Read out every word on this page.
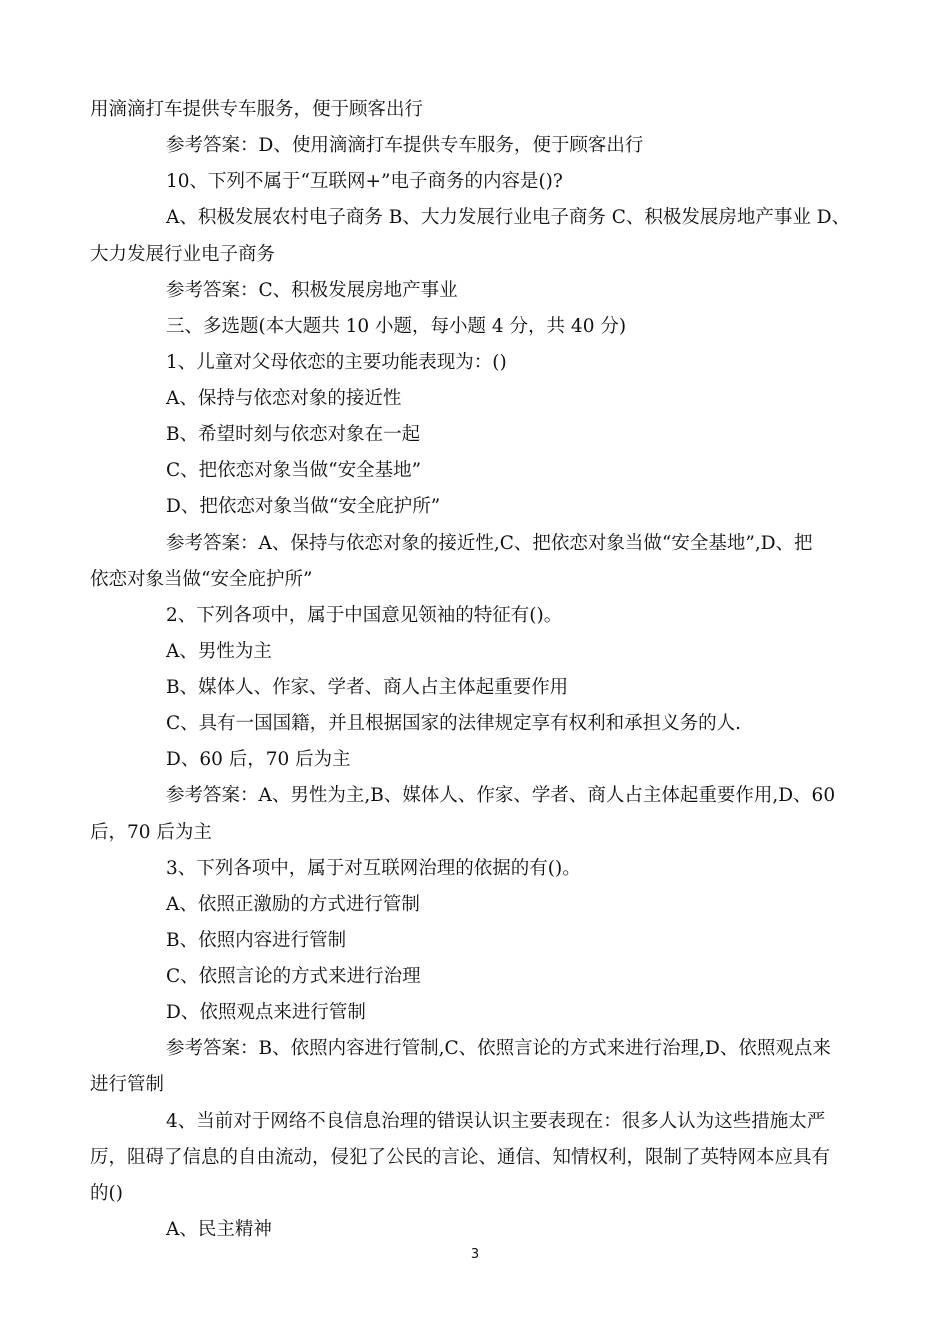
用滴滴打车提供专车服务，便于顾客出行
参考答案：D、使用滴滴打车提供专车服务，便于顾客出行
10、下列不属于“互联网+”电子商务的内容是()?
A、积极发展农村电子商务 B、大力发展行业电子商务 C、积极发展房地产事业 D、
大力发展行业电子商务
参考答案：C、积极发展房地产事业
三、多选题(本大题共 10 小题，每小题 4 分，共 40 分)
1、儿童对父母依恋的主要功能表现为：()
A、保持与依恋对象的接近性
B、希望时刻与依恋对象在一起
C、把依恋对象当做“安全基地”
D、把依恋对象当做“安全庇护所”
参考答案：A、保持与依恋对象的接近性,C、把依恋对象当做“安全基地”,D、把
依恋对象当做“安全庇护所”
2、下列各项中，属于中国意见领袖的特征有()。
A、男性为主
B、媒体人、作家、学者、商人占主体起重要作用
C、具有一国国籍，并且根据国家的法律规定享有权利和承担义务的人.
D、60 后，70 后为主
参考答案：A、男性为主,B、媒体人、作家、学者、商人占主体起重要作用,D、60
后，70 后为主
3、下列各项中，属于对互联网治理的依据的有()。
A、依照正激励的方式进行管制
B、依照内容进行管制
C、依照言论的方式来进行治理
D、依照观点来进行管制
参考答案：B、依照内容进行管制,C、依照言论的方式来进行治理,D、依照观点来
进行管制
4、当前对于网络不良信息治理的错误认识主要表现在：很多人认为这些措施太严
厉，阻碍了信息的自由流动，侵犯了公民的言论、通信、知情权利，限制了英特网本应具有
的()
A、民主精神
3
